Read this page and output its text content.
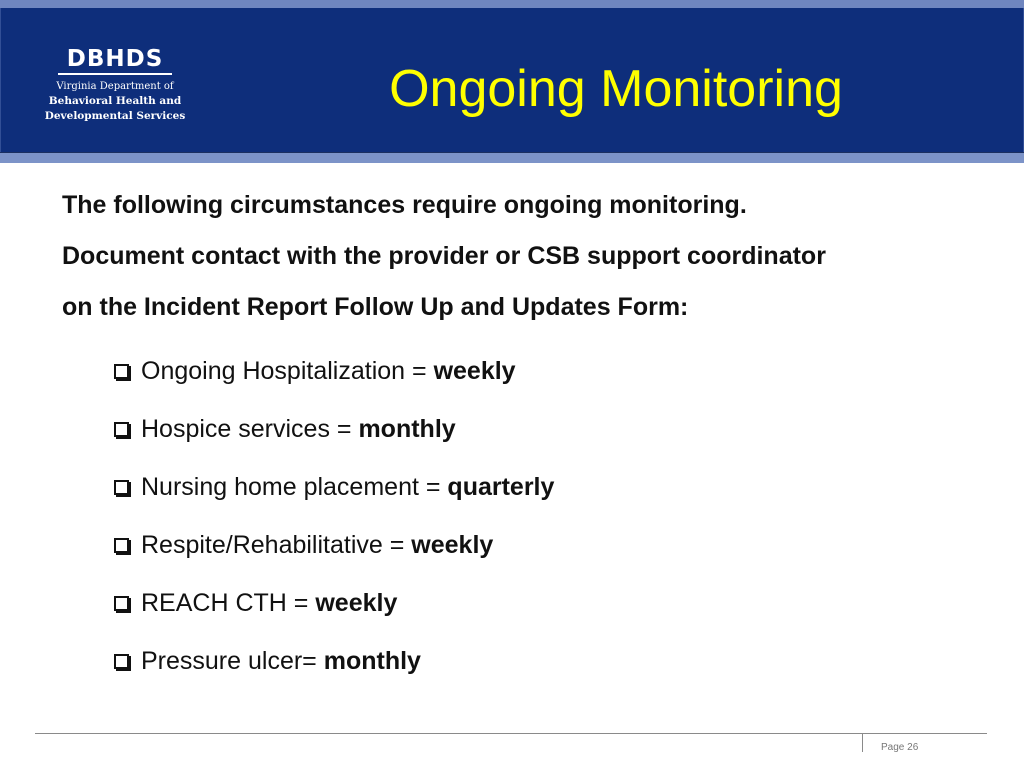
DBHDS
Virginia Department of
Behavioral Health and
Developmental Services	Ongoing Monitoring
The following circumstances require ongoing monitoring.
Document contact with the provider or CSB support coordinator
on the Incident Report Follow Up and Updates Form:
Ongoing Hospitalization =
weekly
Hospice services =
monthly
Nursing home placement =
quarterly
Respite/Rehabilitative =
weekly
REACH CTH =
weekly
Pressure ulcer=
monthly
Page 26
